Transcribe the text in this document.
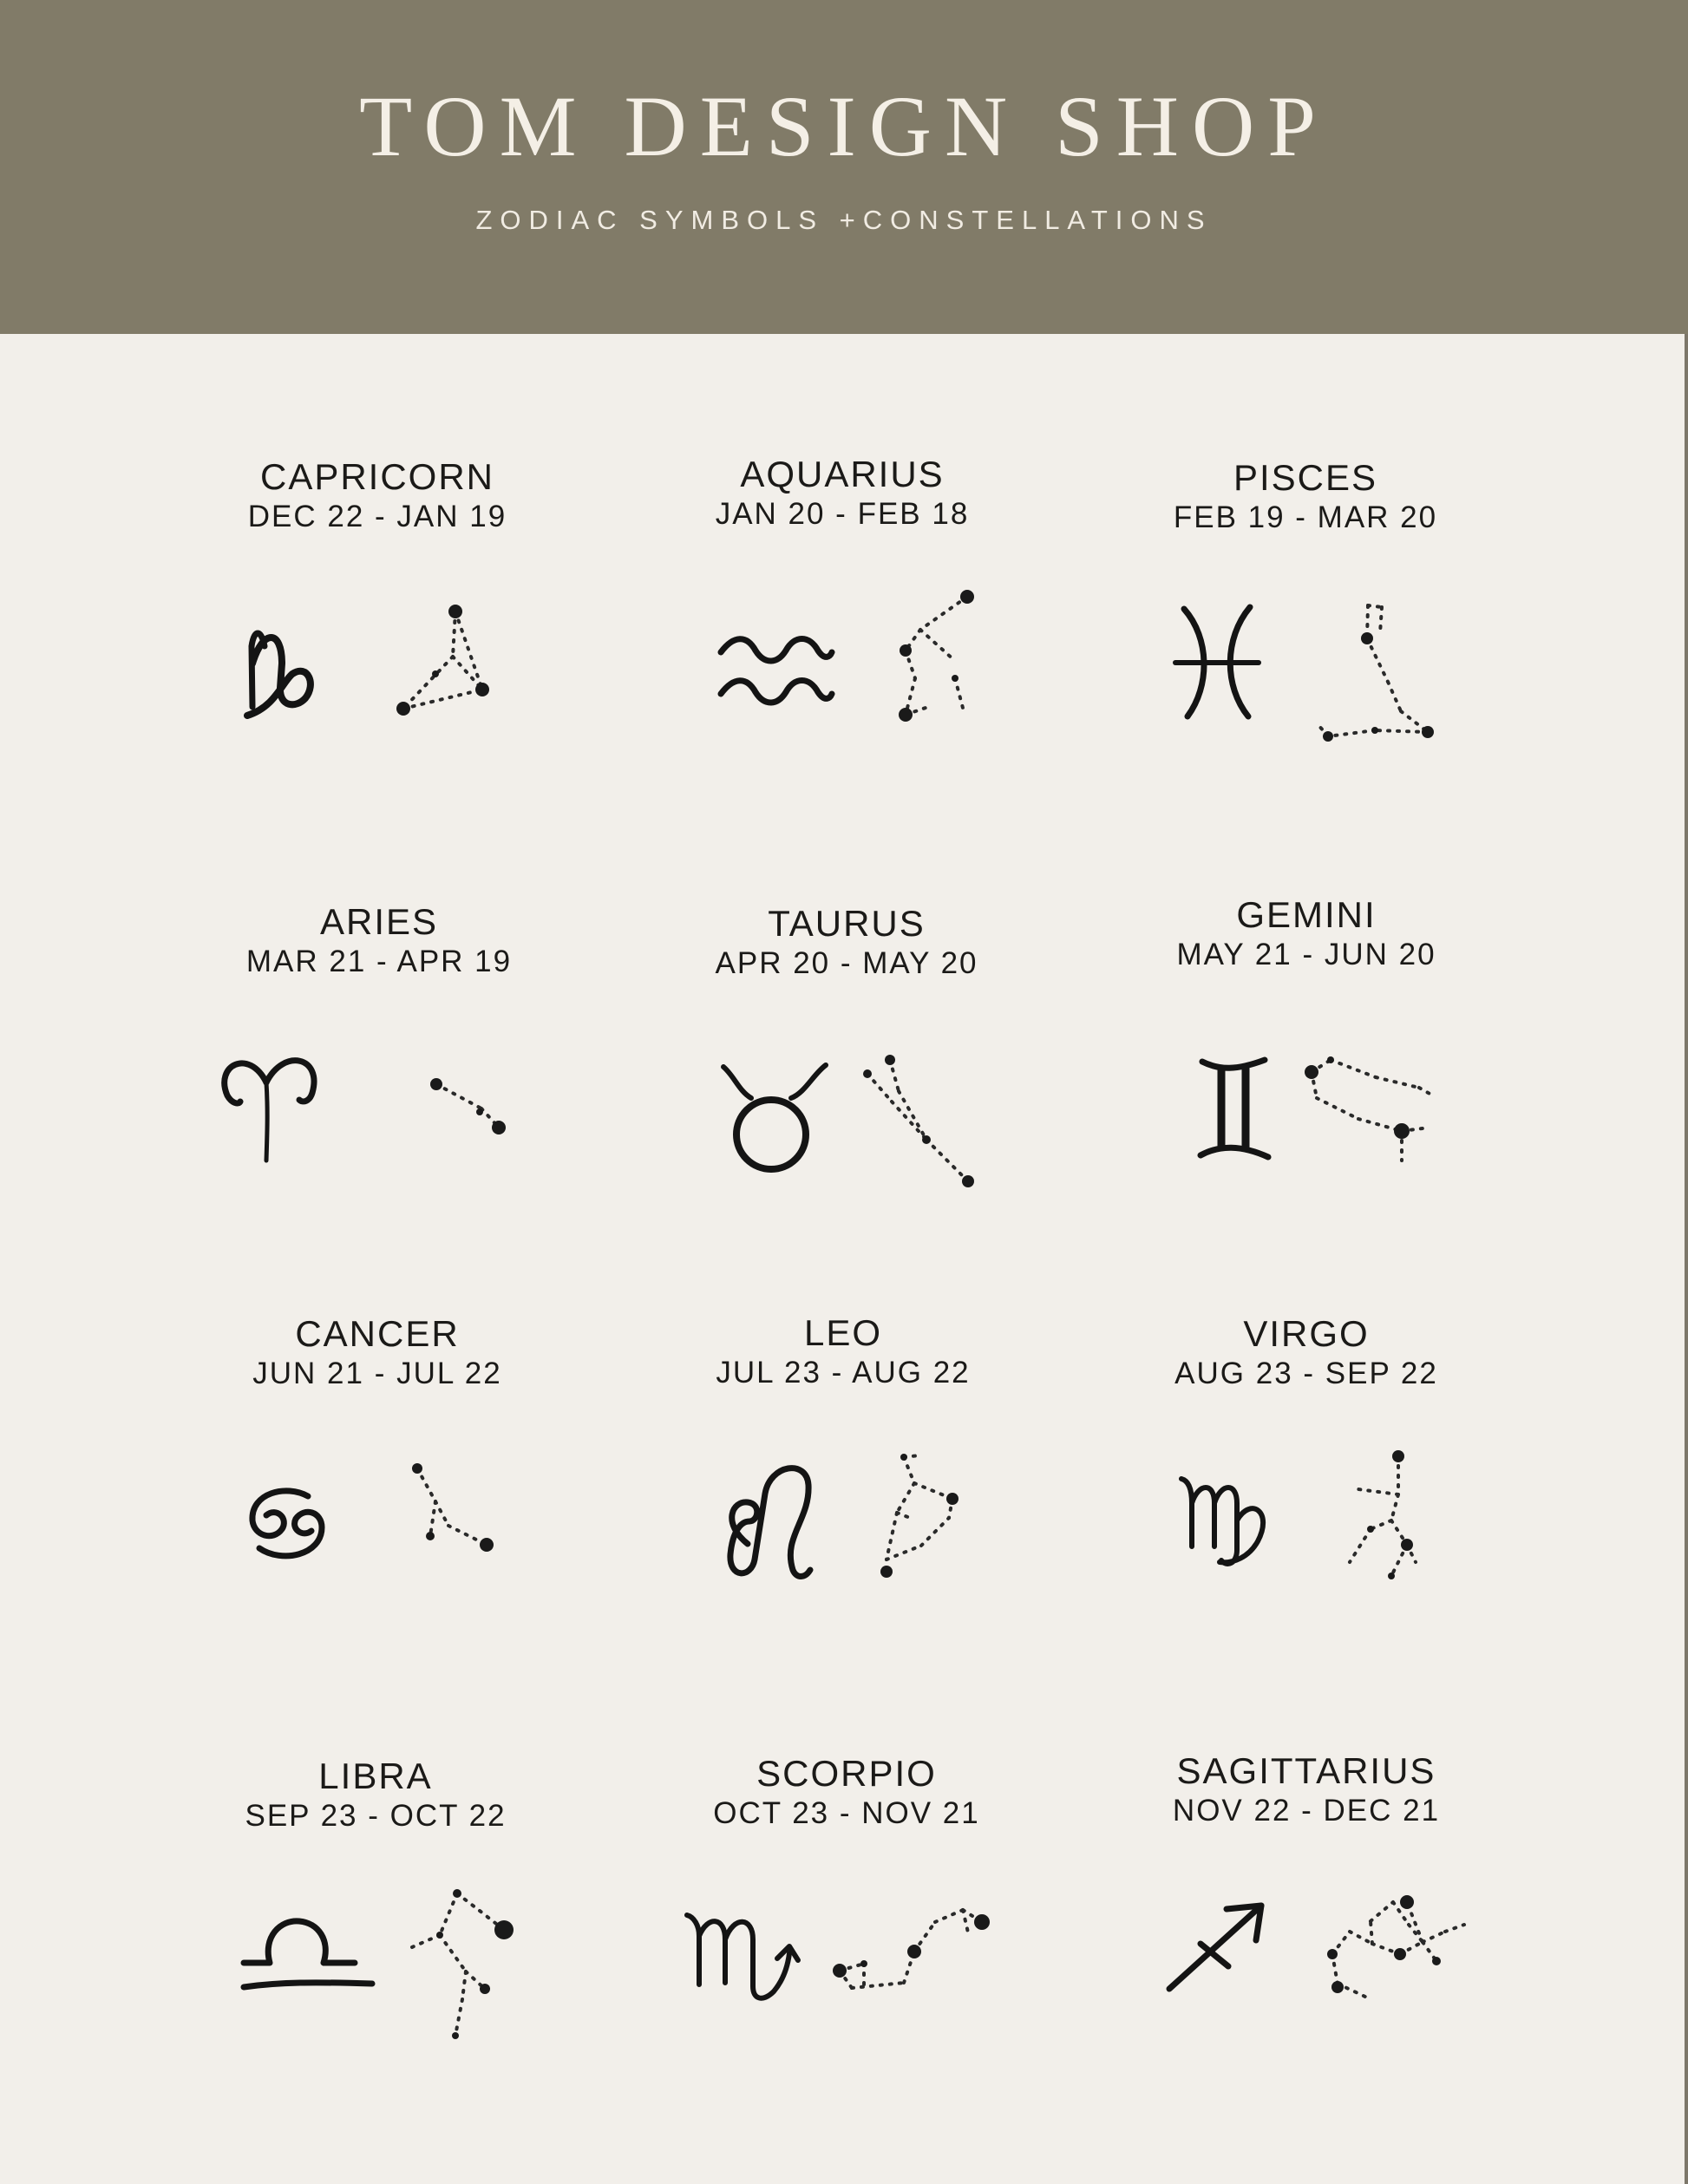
TOM DESIGN SHOP
ZODIAC SYMBOLS +CONSTELLATIONS
CAPRICORN
DEC 22 - JAN 19
AQUARIUS
JAN 20 - FEB 18
PISCES
FEB 19 - MAR 20
ARIES
MAR 21 - APR 19
TAURUS
APR 20 - MAY 20
GEMINI
MAY 21 - JUN 20
CANCER
JUN 21 - JUL 22
LEO
JUL 23 - AUG 22
VIRGO
AUG 23 - SEP 22
LIBRA
SEP 23 - OCT 22
SCORPIO
OCT 23 - NOV 21
SAGITTARIUS
NOV 22 - DEC 21
